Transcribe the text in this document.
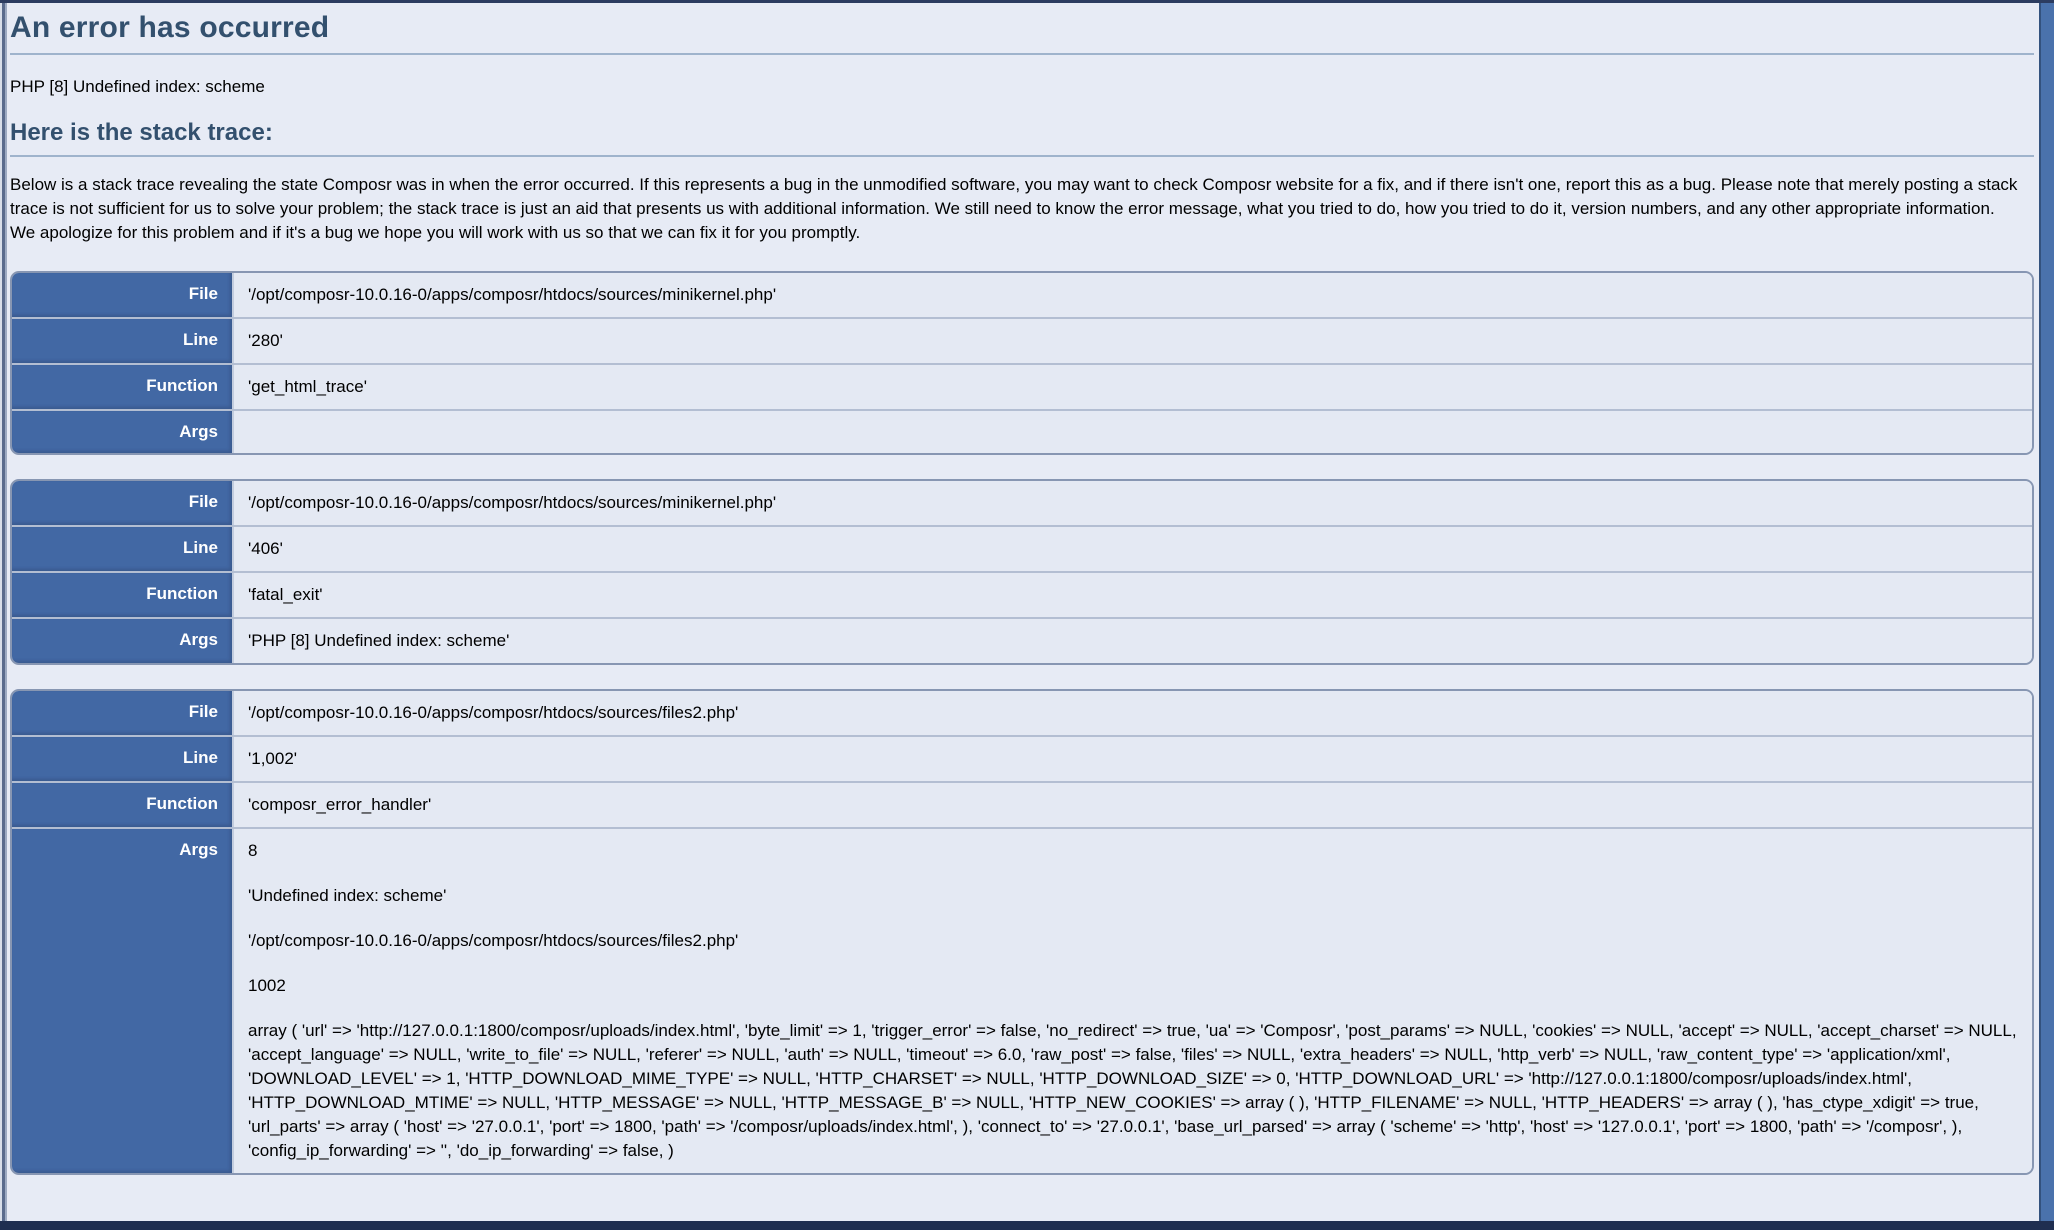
An error has occurred
PHP [8] Undefined index: scheme
Here is the stack trace:
Below is a stack trace revealing the state Composr was in when the error occurred. If this represents a bug in the unmodified software, you may want to check Composr website for a fix, and if there isn't one, report this as a bug. Please note that merely posting a stack trace is not sufficient for us to solve your problem; the stack trace is just an aid that presents us with additional information. We still need to know the error message, what you tried to do, how you tried to do it, version numbers, and any other appropriate information.
We apologize for this problem and if it's a bug we hope you will work with us so that we can fix it for you promptly.
File	'/opt/composr-10.0.16-0/apps/composr/htdocs/sources/minikernel.php'
Line	'280'
Function	'get_html_trace'
Args
File	'/opt/composr-10.0.16-0/apps/composr/htdocs/sources/minikernel.php'
Line	'406'
Function	'fatal_exit'
Args	'PHP [8] Undefined index: scheme'
File	'/opt/composr-10.0.16-0/apps/composr/htdocs/sources/files2.php'
Line	'1,002'
Function	'composr_error_handler'
Args	8

'Undefined index: scheme'

'/opt/composr-10.0.16-0/apps/composr/htdocs/sources/files2.php'

1002

array ( 'url' => 'http://127.0.0.1:1800/composr/uploads/index.html', 'byte_limit' => 1, 'trigger_error' => false, 'no_redirect' => true, 'ua' => 'Composr', 'post_params' => NULL, 'cookies' => NULL, 'accept' => NULL, 'accept_charset' => NULL, 'accept_language' => NULL, 'write_to_file' => NULL, 'referer' => NULL, 'auth' => NULL, 'timeout' => 6.0, 'raw_post' => false, 'files' => NULL, 'extra_headers' => NULL, 'http_verb' => NULL, 'raw_content_type' => 'application/xml', 'DOWNLOAD_LEVEL' => 1, 'HTTP_DOWNLOAD_MIME_TYPE' => NULL, 'HTTP_CHARSET' => NULL, 'HTTP_DOWNLOAD_SIZE' => 0, 'HTTP_DOWNLOAD_URL' => 'http://127.0.0.1:1800/composr/uploads/index.html', 'HTTP_DOWNLOAD_MTIME' => NULL, 'HTTP_MESSAGE' => NULL, 'HTTP_MESSAGE_B' => NULL, 'HTTP_NEW_COOKIES' => array ( ), 'HTTP_FILENAME' => NULL, 'HTTP_HEADERS' => array ( ), 'has_ctype_xdigit' => true, 'url_parts' => array ( 'host' => '27.0.0.1', 'port' => 1800, 'path' => '/composr/uploads/index.html', ), 'connect_to' => '27.0.0.1', 'base_url_parsed' => array ( 'scheme' => 'http', 'host' => '127.0.0.1', 'port' => 1800, 'path' => '/composr', ), 'config_ip_forwarding' => '', 'do_ip_forwarding' => false, )
